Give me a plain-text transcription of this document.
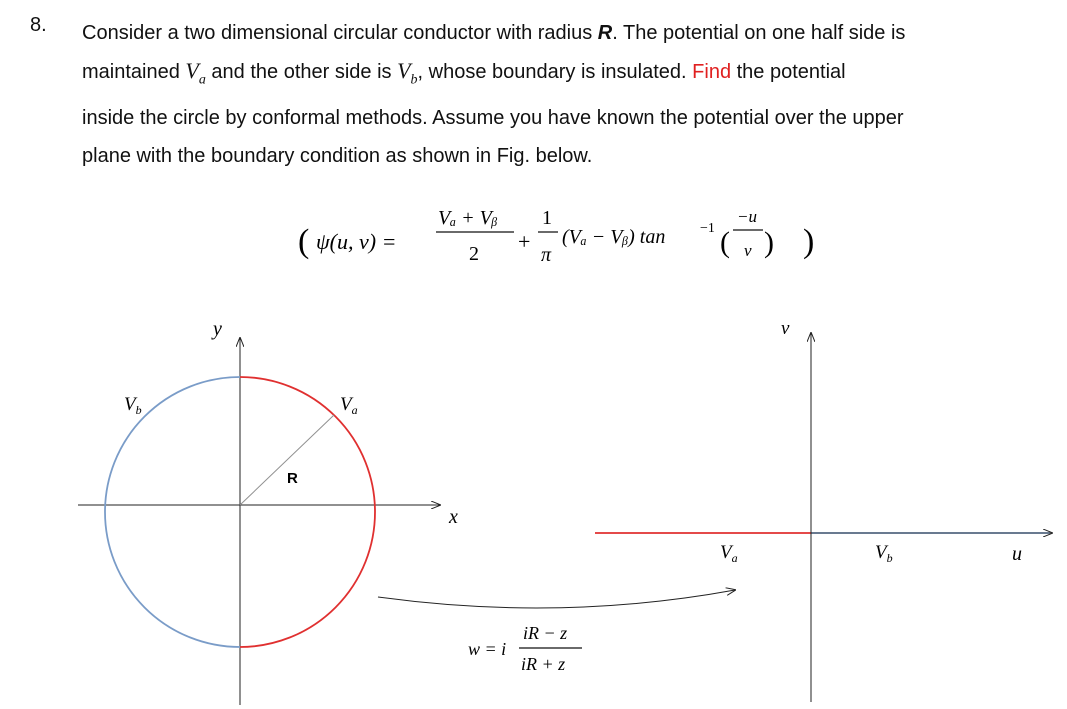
8. Consider a two dimensional circular conductor with radius R. The potential on one half side is
maintained $V_a$ and the other side is $V_b$, whose boundary is insulated. Find the potential
inside the circle by conformal methods. Assume you have known the potential over the upper
plane with the boundary condition as shown in Fig. below.
( ψ(u, v) =
Vₐ + Vᵦ
2 +
1
π
(Vₐ − Vᵦ) tan −1 (
−u
v ) )
R
y
x
$V_b$	$V_a$
w = i
iR − z
iR + z
v
u
$V_a$	$V_b$
